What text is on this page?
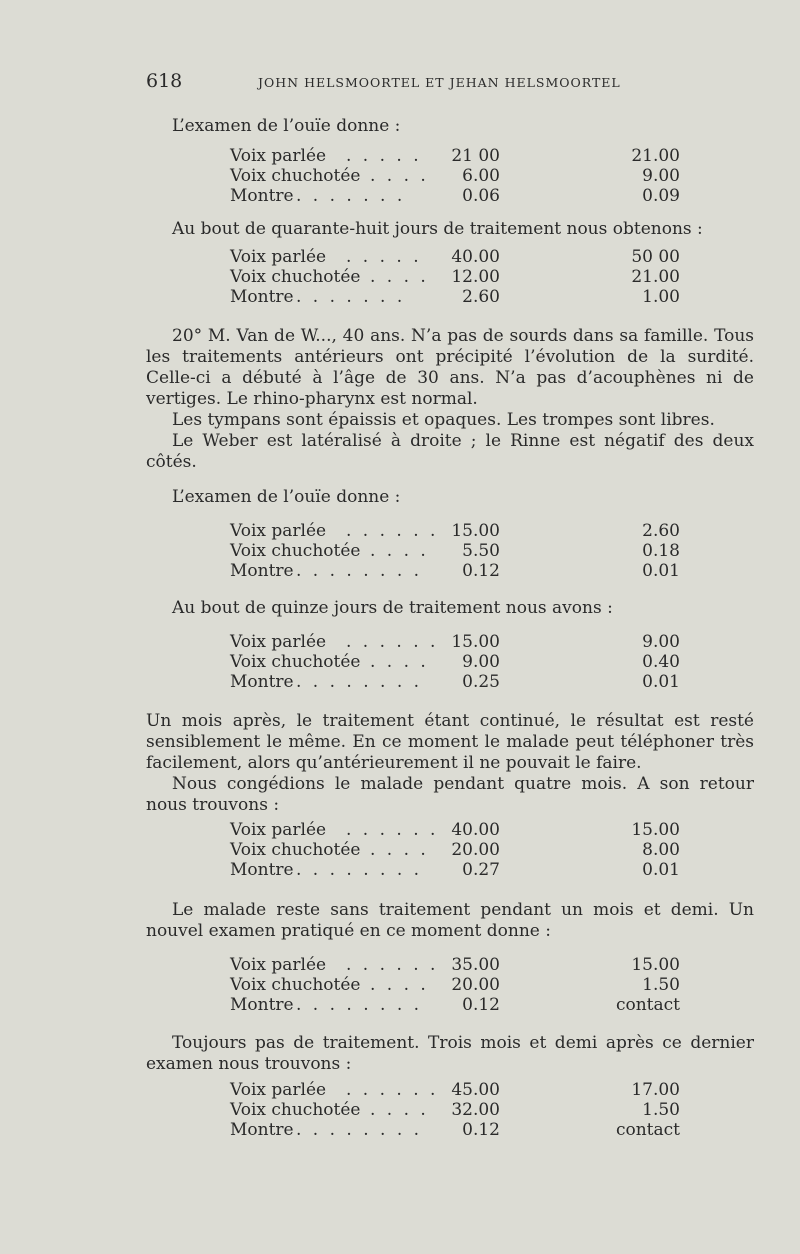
618	JOHN HELSMOORTEL ET JEHAN HELSMOORTEL
L’examen de l’ouïe donne :
Voix parlée . . . . . 21 00	21.00
Voix chuchotée . . . . 6.00	9.00
Montre . . . . . . .	0.06	0.09
Au bout de quarante-huit jours de traitement nous obtenons :
Voix parlée . . . . . 40.00	50 00
Voix chuchotée . . . . 12.00	21.00
Montre . . . . . . .	2.60	1.00

20° M. Van de W..., 40 ans. N’a pas de sourds dans sa famille. Tous les traitements antérieurs ont précipité l’évolution de la surdité. Celle-ci a débuté à l’âge de 30 ans. N’a pas d’acouphènes ni de vertiges. Le rhino-pharynx est normal.

Les tympans sont épaissis et opaques. Les trompes sont libres.

Le Weber est latéralisé à droite ; le Rinne est négatif des deux côtés.

L’examen de l’ouïe donne :
Voix parlée . . . . . . 15.00	2.60
Voix chuchotée . . . . 5.50	0.18
Montre . . . . . . . . 0.12	0.01
Au bout de quinze jours de traitement nous avons :
Voix parlée . . . . . . 15.00	9.00
Voix chuchotée . . . . 9.00	0.40
Montre . . . . . . . . 0.25	0.01

Un mois après, le traitement étant continué, le résultat est resté sensiblement le même. En ce moment le malade peut téléphoner très facilement, alors qu’antérieurement il ne pouvait le faire.

Nous congédions le malade pendant quatre mois. A son retour nous trouvons :

Voix parlée . . . . . . 40.00	15.00
Voix chuchotée . . . . 20.00	8.00
Montre . . . . . . . . 0.27	0.01

Le malade reste sans traitement pendant un mois et demi. Un nouvel examen pratiqué en ce moment donne :

Voix parlée . . . . . . 35.00	15.00
Voix chuchotée . . . . 20.00	1.50
Montre . . . . . . . . 0.12	contact

Toujours pas de traitement. Trois mois et demi après ce dernier examen nous trouvons :

Voix parlée . . . . . . 45.00	17.00
Voix chuchotée . . . . 32.00	1.50
Montre . . . . . . . . 0.12	contact
